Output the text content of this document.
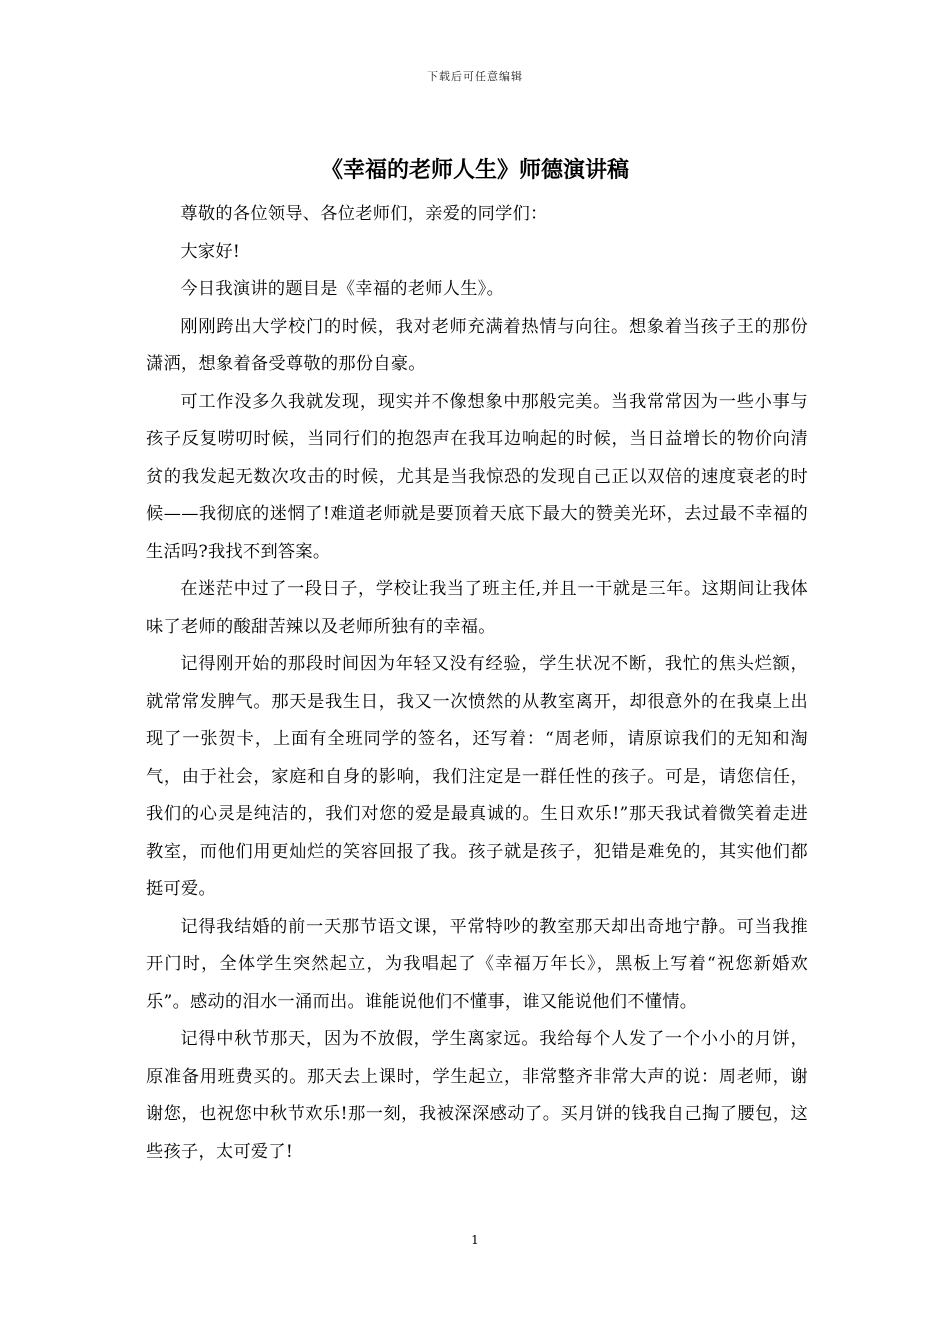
下载后可任意编辑
《幸福的老师人生》师德演讲稿

尊敬的各位领导、各位老师们，亲爱的同学们：

大家好!

今日我演讲的题目是《幸福的老师人生》。

刚刚跨出大学校门的时候，我对老师充满着热情与向往。想象着当孩子王的那份潇洒，想象着备受尊敬的那份自豪。

可工作没多久我就发现，现实并不像想象中那般完美。当我常常因为一些小事与孩子反复唠叨时候，当同行们的抱怨声在我耳边响起的时候，当日益增长的物价向清贫的我发起无数次攻击的时候，尤其是当我惊恐的发现自己正以双倍的速度衰老的时候——我彻底的迷惘了!难道老师就是要顶着天底下最大的赞美光环，去过最不幸福的生活吗?我找不到答案。

在迷茫中过了一段日子，学校让我当了班主任,并且一干就是三年。这期间让我体味了老师的酸甜苦辣以及老师所独有的幸福。

记得刚开始的那段时间因为年轻又没有经验，学生状况不断，我忙的焦头烂额，就常常发脾气。那天是我生日，我又一次愤然的从教室离开，却很意外的在我桌上出现了一张贺卡，上面有全班同学的签名，还写着：“周老师，请原谅我们的无知和淘气，由于社会，家庭和自身的影响，我们注定是一群任性的孩子。可是，请您信任，我们的心灵是纯洁的，我们对您的爱是最真诚的。生日欢乐!”那天我试着微笑着走进教室，而他们用更灿烂的笑容回报了我。孩子就是孩子，犯错是难免的，其实他们都挺可爱。

记得我结婚的前一天那节语文课，平常特吵的教室那天却出奇地宁静。可当我推开门时，全体学生突然起立，为我唱起了《幸福万年长》，黑板上写着“祝您新婚欢乐”。感动的泪水一涌而出。谁能说他们不懂事，谁又能说他们不懂情。

记得中秋节那天，因为不放假，学生离家远。我给每个人发了一个小小的月饼，原准备用班费买的。那天去上课时，学生起立，非常整齐非常大声的说：周老师，谢谢您，也祝您中秋节欢乐!那一刻，我被深深感动了。买月饼的钱我自己掏了腰包，这些孩子，太可爱了!

1
